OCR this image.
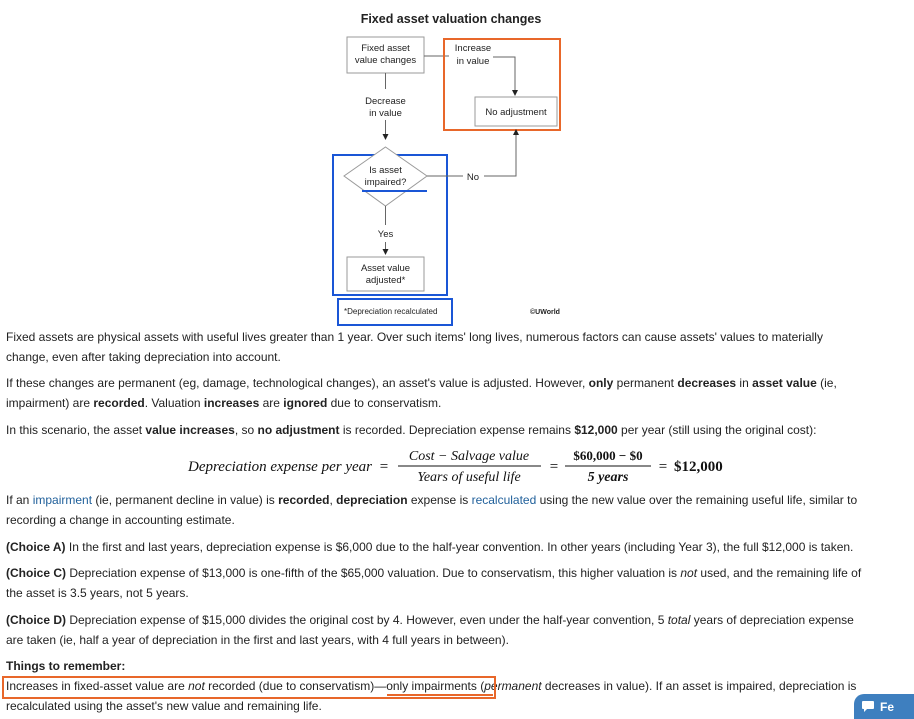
Fixed asset valuation changes
Fixed asset
value changes
Increase
in value
No adjustment
Decrease
in value
Is asset
impaired?	No
Yes
Asset value
adjusted*
*Depreciation recalculated	©UWorld

Fixed assets are physical assets with useful lives greater than 1 year. Over such items' long lives, numerous factors can cause assets' values to materially
change, even after taking depreciation into account.

If these changes are permanent (eg, damage, technological changes), an asset's value is adjusted. However, only permanent decreases in asset value (ie,
impairment) are recorded. Valuation increases are ignored due to conservatism.

In this scenario, the asset value increases, so no adjustment is recorded. Depreciation expense remains $12,000 per year (still using the original cost):

Depreciation expense per year =
Cost − Salvage value
Years of useful life
=
$60,000 − $0
5 years
= $12,000

If an impairment (ie, permanent decline in value) is recorded, depreciation expense is recalculated using the new value over the remaining useful life, similar to
recording a change in accounting estimate.

(Choice A) In the first and last years, depreciation expense is $6,000 due to the half-year convention. In other years (including Year 3), the full $12,000 is taken.

(Choice C) Depreciation expense of $13,000 is one-fifth of the $65,000 valuation. Due to conservatism, this higher valuation is not used, and the remaining life of
the asset is 3.5 years, not 5 years.

(Choice D) Depreciation expense of $15,000 divides the original cost by 4. However, even under the half-year convention, 5 total years of depreciation expense
are taken (ie, half a year of depreciation in the first and last years, with 4 full years in between).

Things to remember:

Increases in fixed-asset value are not recorded (due to conservatism)—only impairments (permanent decreases in value). If an asset is impaired, depreciation is
recalculated using the asset's new value and remaining life.	Fe
